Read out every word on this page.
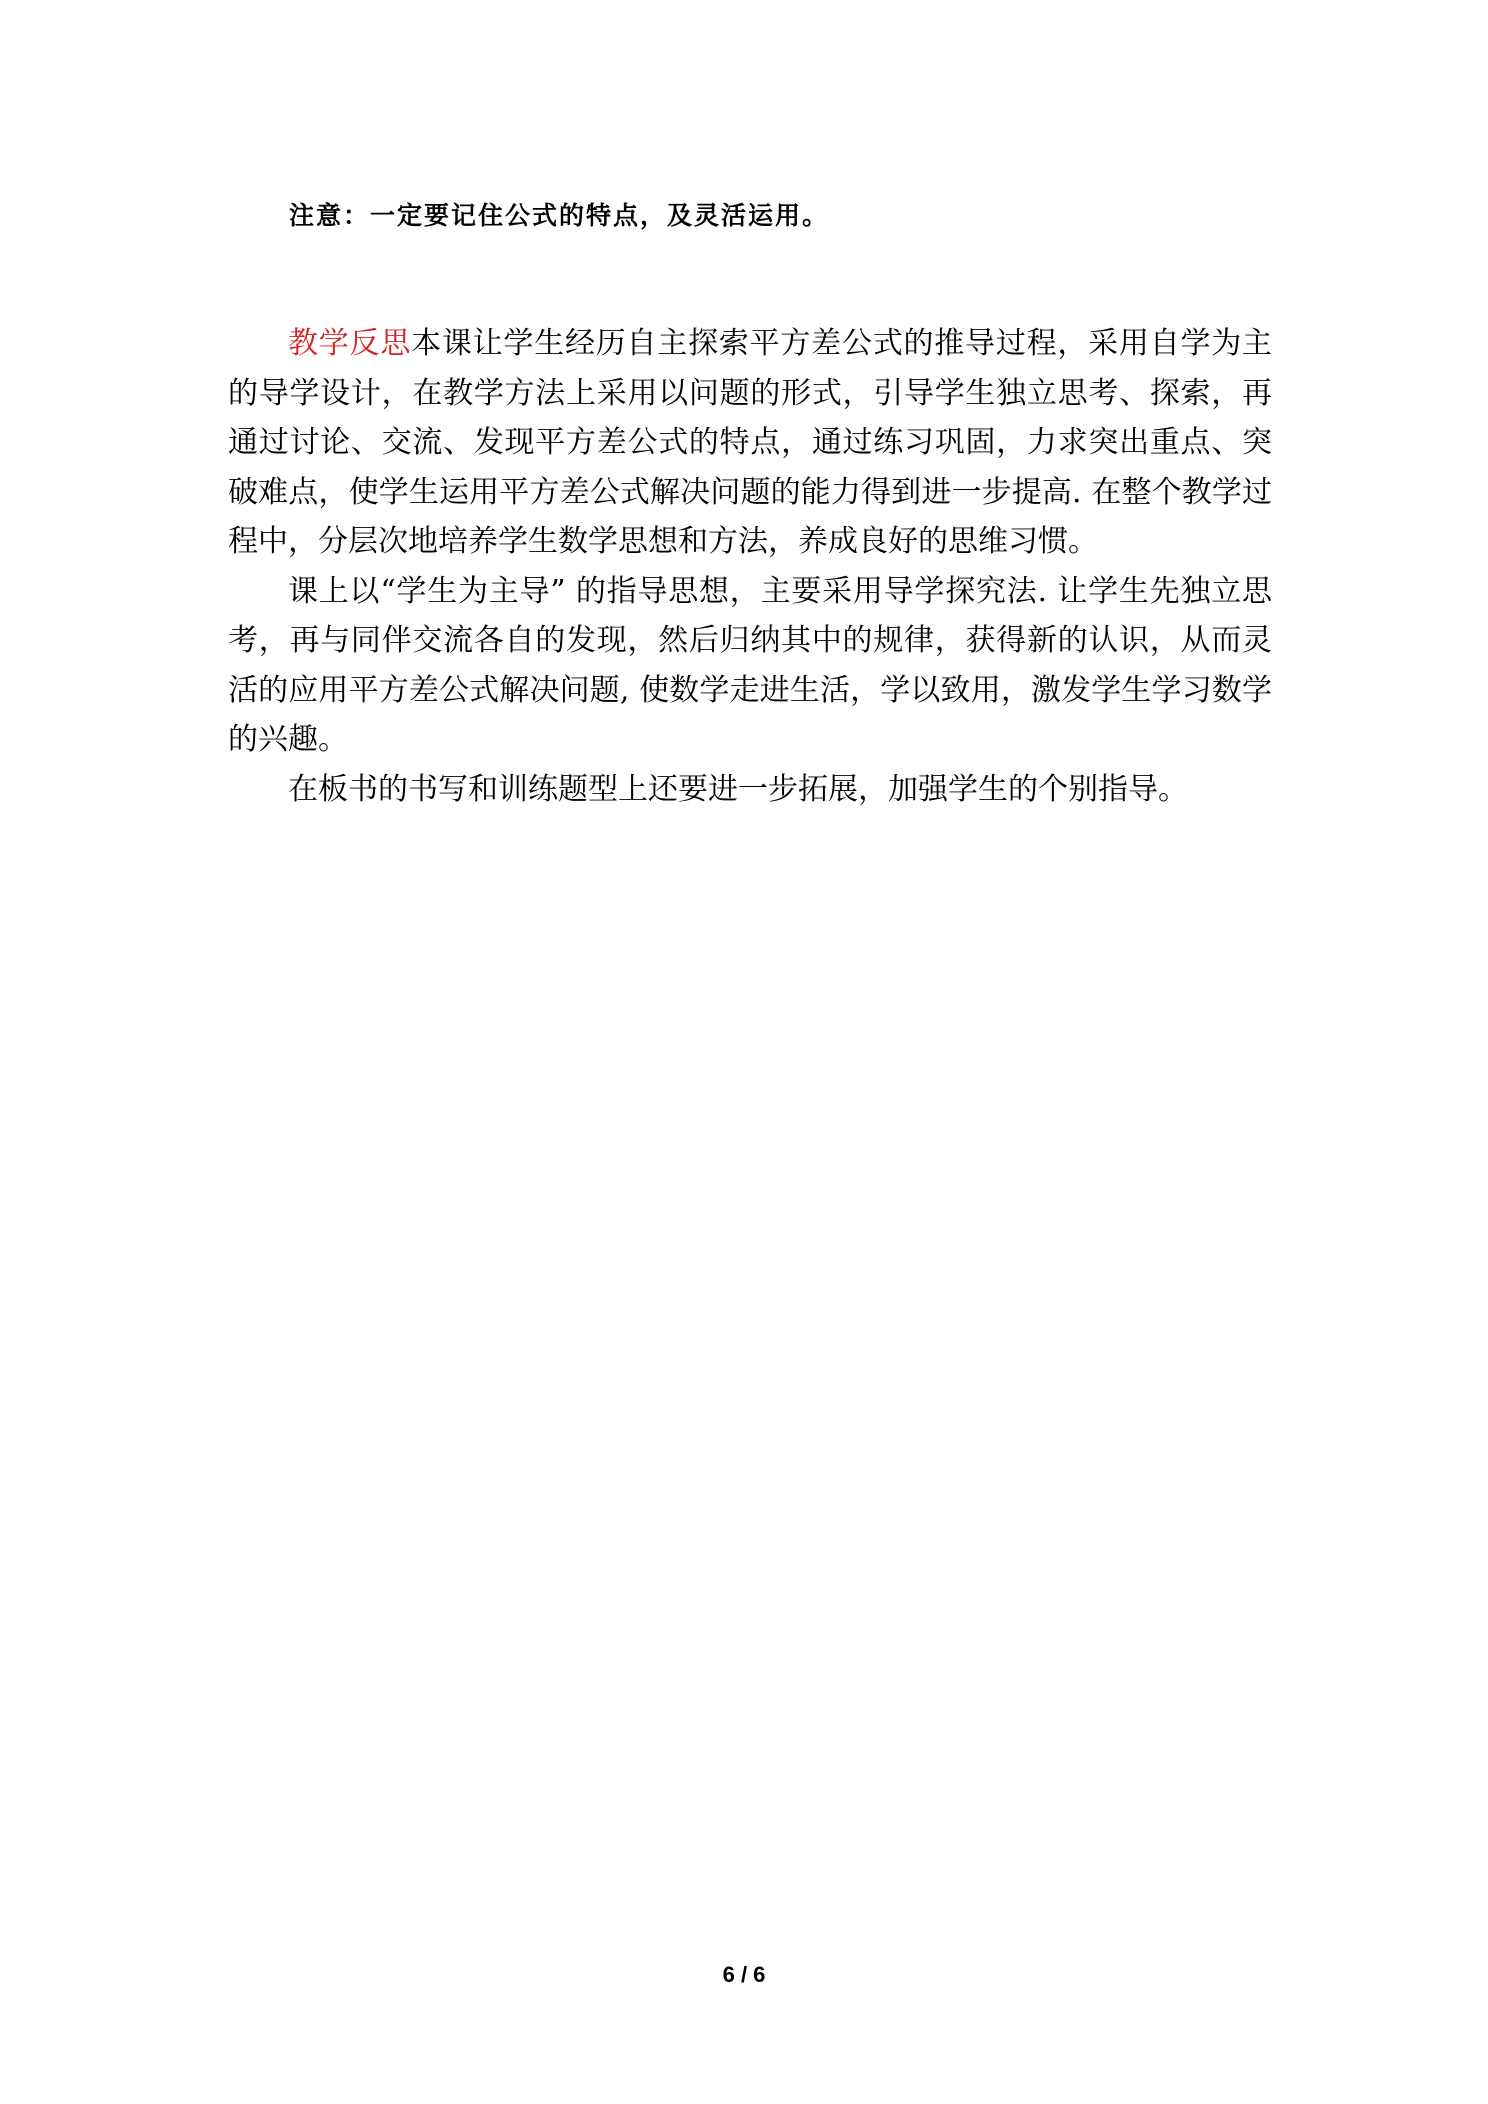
注意：一定要记住公式的特点，及灵活运用。

教学反思本课让学生经历自主探索平方差公式的推导过程，采用自学为主的导学设计，在教学方法上采用以问题的形式，引导学生独立思考、探索，再通过讨论、交流、发现平方差公式的特点，通过练习巩固，力求突出重点、突破难点，使学生运用平方差公式解决问题的能力得到进一步提高. 在整个教学过程中，分层次地培养学生数学思想和方法，养成良好的思维习惯。

课上以“学生为主导” 的指导思想，主要采用导学探究法. 让学生先独立思考，再与同伴交流各自的发现，然后归纳其中的规律，获得新的认识，从而灵活的应用平方差公式解决问题, 使数学走进生活，学以致用，激发学生学习数学的兴趣。

在板书的书写和训练题型上还要进一步拓展，加强学生的个别指导。

6 / 6
